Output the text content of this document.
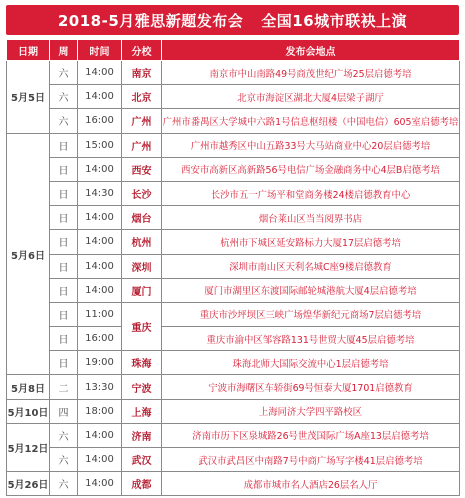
2018-5月雅思新题发布会 全国16城市联袂上演
日期	周	时间	分校	发布会地点
5月5日	六	14:00	南京	南京市中山南路49号商茂世纪广场25层启德考培
	六	14:00	北京	北京市海淀区湖北大厦4层梁子湖厅
	六	16:00	广州	广州市番禺区大学城中六路1号信息枢纽楼（中国电信）605室启德考培
5月6日	日	15:00	广州	广州市越秀区中山五路33号大马站商业中心20层启德考培
	日	14:00	西安	西安市高新区高新路56号电信广场金融商务中心4层B启德考培
	日	14:30	长沙	长沙市五一广场平和堂商务楼24楼启德教育中心
	日	14:00	烟台	烟台莱山区当当阅界书店
	日	14:00	杭州	杭州市下城区延安路标力大厦17层启德考培
	日	14:00	深圳	深圳市南山区天利名城C座9楼启德教育
	日	14:00	厦门	厦门市湖里区东渡国际邮轮城港航大厦4层启德考培
	日	11:00	重庆	重庆市沙坪坝区三峡广场煌华新纪元商场7层启德考培
	日	16:00		重庆市渝中区邹容路131号世贸大厦45层启德考培
	日	19:00	珠海	珠海北师大国际交流中心1层启德考培
5月8日	二	13:30	宁波	宁波市海曙区车轿街69号恒泰大厦1701启德教育
5月10日	四	18:00	上海	上海同济大学四平路校区
5月12日	六	14:00	济南	济南市历下区泉城路26号世茂国际广场A座13层启德考培
	六	14:00	武汉	武汉市武昌区中南路7号中商广场写字楼41层启德考培
5月26日	六	14:00	成都	成都市城市名人酒店26层名人厅
